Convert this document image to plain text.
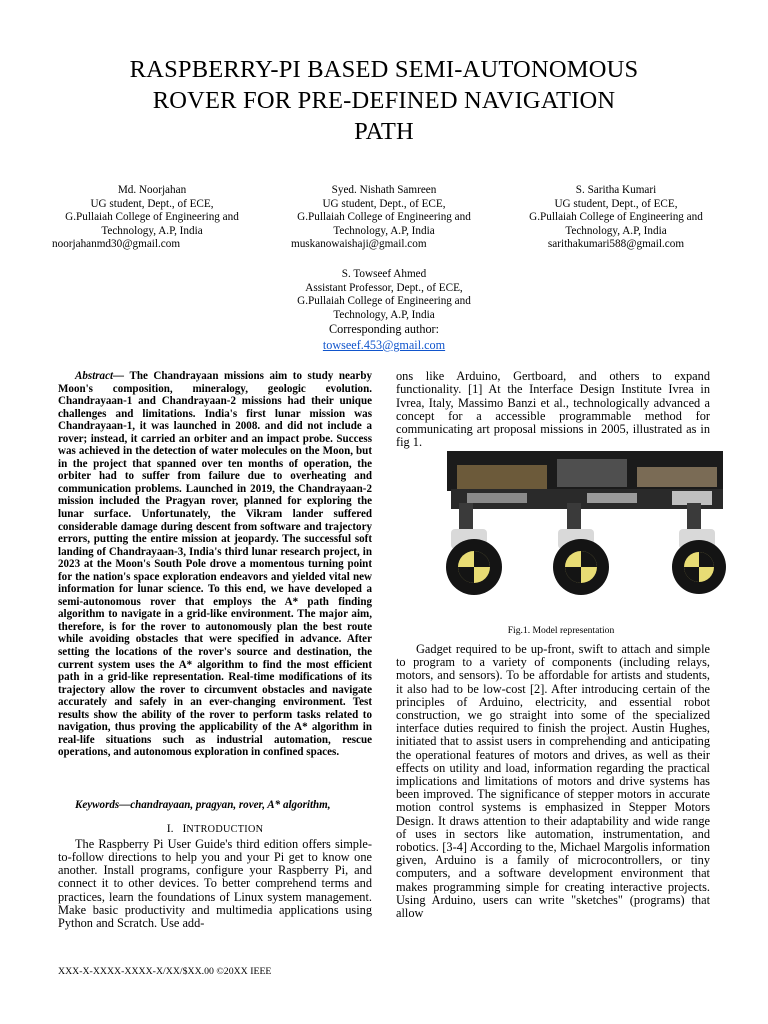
RASPBERRY-PI BASED SEMI-AUTONOMOUS
ROVER FOR PRE-DEFINED NAVIGATION
PATH
Md. Noorjahan
UG student, Dept., of ECE,
G.Pullaiah College of Engineering and
Technology, A.P, India
noorjahanmd30@gmail.com
Syed. Nishath Samreen
UG student, Dept., of ECE,
G.Pullaiah College of Engineering and
Technology, A.P, India
muskanowaishaji@gmail.com
S. Saritha Kumari
UG student, Dept., of ECE,
G.Pullaiah College of Engineering and
Technology, A.P, India
sarithakumari588@gmail.com
S. Towseef Ahmed
Assistant Professor, Dept., of ECE,
G.Pullaiah College of Engineering and
Technology, A.P, India
Corresponding author:
towseef.453@gmail.com

Abstract— The Chandrayaan missions aim to study nearby Moon's composition, mineralogy, geologic evolution. Chandrayaan-1 and Chandrayaan-2 missions had their unique challenges and limitations. India's first lunar mission was Chandrayaan-1, it was launched in 2008. and did not include a rover; instead, it carried an orbiter and an impact probe. Success was achieved in the detection of water molecules on the Moon, but in the project that spanned over ten months of operation, the orbiter had to suffer from failure due to overheating and communication problems. Launched in 2019, the Chandrayaan-2 mission included the Pragyan rover, planned for exploring the lunar surface. Unfortunately, the Vikram lander suffered considerable damage during descent from software and trajectory errors, putting the entire mission at jeopardy. The successful soft landing of Chandrayaan-3, India's third lunar research project, in 2023 at the Moon's South Pole drove a momentous turning point for the nation's space exploration endeavors and yielded vital new information for lunar science. To this end, we have developed a semi-autonomous rover that employs the A* path finding algorithm to navigate in a grid-like environment. The major aim, therefore, is for the rover to autonomously plan the best route while avoiding obstacles that were specified in advance. After setting the locations of the rover's source and destination, the current system uses the A* algorithm to find the most efficient path in a grid-like representation. Real-time modifications of its trajectory allow the rover to circumvent obstacles and navigate accurately and safely in an ever-changing environment. Test results show the ability of the rover to perform tasks related to navigation, thus proving the applicability of the A* algorithm in real-life situations such as industrial automation, rescue operations, and autonomous exploration in confined spaces.

Keywords—chandrayaan, pragyan, rover, A* algorithm,
I. INTRODUCTION

The Raspberry Pi User Guide's third edition offers simple-to-follow directions to help you and your Pi get to know one another. Install programs, configure your Raspberry Pi, and connect it to other devices. To better comprehend terms and practices, learn the foundations of Linux system management. Make basic productivity and multimedia applications using Python and Scratch. Use add-

ons like Arduino, Gertboard, and others to expand functionality. [1] At the Interface Design Institute Ivrea in Ivrea, Italy, Massimo Banzi et al., technologically advanced a concept for a accessible programmable method for communicating art proposal missions in 2005, illustrated as in fig 1.

Fig.1. Model representation

Gadget required to be up-front, swift to attach and simple to program to a variety of components (including relays, motors, and sensors). To be affordable for artists and students, it also had to be low-cost [2]. After introducing certain of the principles of Arduino, electricity, and essential robot construction, we go straight into some of the specialized interface duties required to finish the project. Austin Hughes, initiated that to assist users in comprehending and anticipating the operational features of motors and drives, as well as their effects on utility and load, information regarding the practical implications and limitations of motors and drive systems has been improved. The significance of stepper motors in accurate motion control systems is emphasized in Stepper Motors Design. It draws attention to their adaptability and wide range of uses in sectors like automation, instrumentation, and robotics. [3-4] According to the, Michael Margolis information given, Arduino is a family of microcontrollers, or tiny computers, and a software development environment that makes programming simple for creating interactive projects. Using Arduino, users can write "sketches" (programs) that allow

XXX-X-XXXX-XXXX-X/XX/$XX.00 ©20XX IEEE
